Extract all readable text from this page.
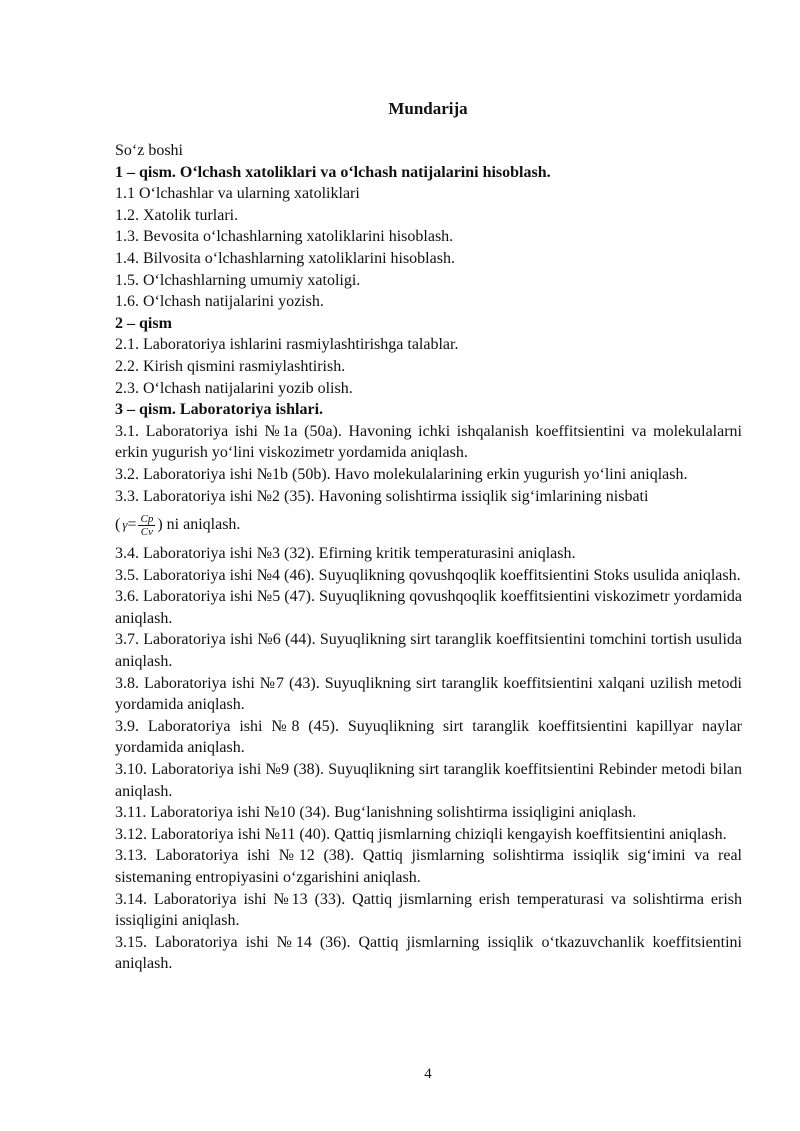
Mundarija

So‘z boshi

1 – qism. O‘lchash xatoliklari va o‘lchash natijalarini hisoblash.

1.1 O‘lchashlar va ularning xatoliklari

1.2. Xatolik turlari.

1.3. Bevosita o‘lchashlarning xatoliklarini hisoblash.

1.4. Bilvosita o‘lchashlarning xatoliklarini hisoblash.

1.5. O‘lchashlarning umumiy xatoligi.

1.6. O‘lchash natijalarini yozish.

2 – qism

2.1. Laboratoriya ishlarini rasmiylashtirishga talablar.

2.2. Kirish qismini rasmiylashtirish.

2.3. O‘lchash natijalarini yozib olish.

3 – qism. Laboratoriya ishlari.

3.1. Laboratoriya ishi №1a (50a). Havoning ichki ishqalanish koeffitsientini va molekulalarni erkin yugurish yo‘lini viskozimetr yordamida aniqlash.

3.2. Laboratoriya ishi №1b (50b). Havo molekulalarining erkin yugurish yo‘lini aniqlash.

3.3. Laboratoriya ishi №2 (35). Havoning solishtirma issiqlik sig‘imlarining nisbati

( $\gamma = \frac{Cp}{Cv}$ ) ni aniqlash.

3.4. Laboratoriya ishi №3 (32). Efirning kritik temperaturasini aniqlash.

3.5. Laboratoriya ishi №4 (46). Suyuqlikning qovushqoqlik koeffitsientini Stoks usulida aniqlash.

3.6. Laboratoriya ishi №5 (47). Suyuqlikning qovushqoqlik koeffitsientini viskozimetr yordamida aniqlash.

3.7. Laboratoriya ishi №6 (44). Suyuqlikning sirt taranglik koeffitsientini tomchini tortish usulida aniqlash.

3.8. Laboratoriya ishi №7 (43). Suyuqlikning sirt taranglik koeffitsientini xalqani uzilish metodi yordamida aniqlash.

3.9. Laboratoriya ishi №8 (45). Suyuqlikning sirt taranglik koeffitsientini kapillyar naylar yordamida aniqlash.

3.10. Laboratoriya ishi №9 (38). Suyuqlikning sirt taranglik koeffitsientini Rebinder metodi bilan aniqlash.

3.11. Laboratoriya ishi №10 (34). Bug‘lanishning solishtirma issiqligini aniqlash.

3.12. Laboratoriya ishi №11 (40). Qattiq jismlarning chiziqli kengayish koeffitsientini aniqlash.

3.13. Laboratoriya ishi №12 (38). Qattiq jismlarning solishtirma issiqlik sig‘imini va real sistemaning entropiyasini o‘zgarishini aniqlash.

3.14. Laboratoriya ishi №13 (33). Qattiq jismlarning erish temperaturasi va solishtirma erish issiqligini aniqlash.

3.15. Laboratoriya ishi №14 (36). Qattiq jismlarning issiqlik o‘tkazuvchanlik koeffitsientini aniqlash.

4
